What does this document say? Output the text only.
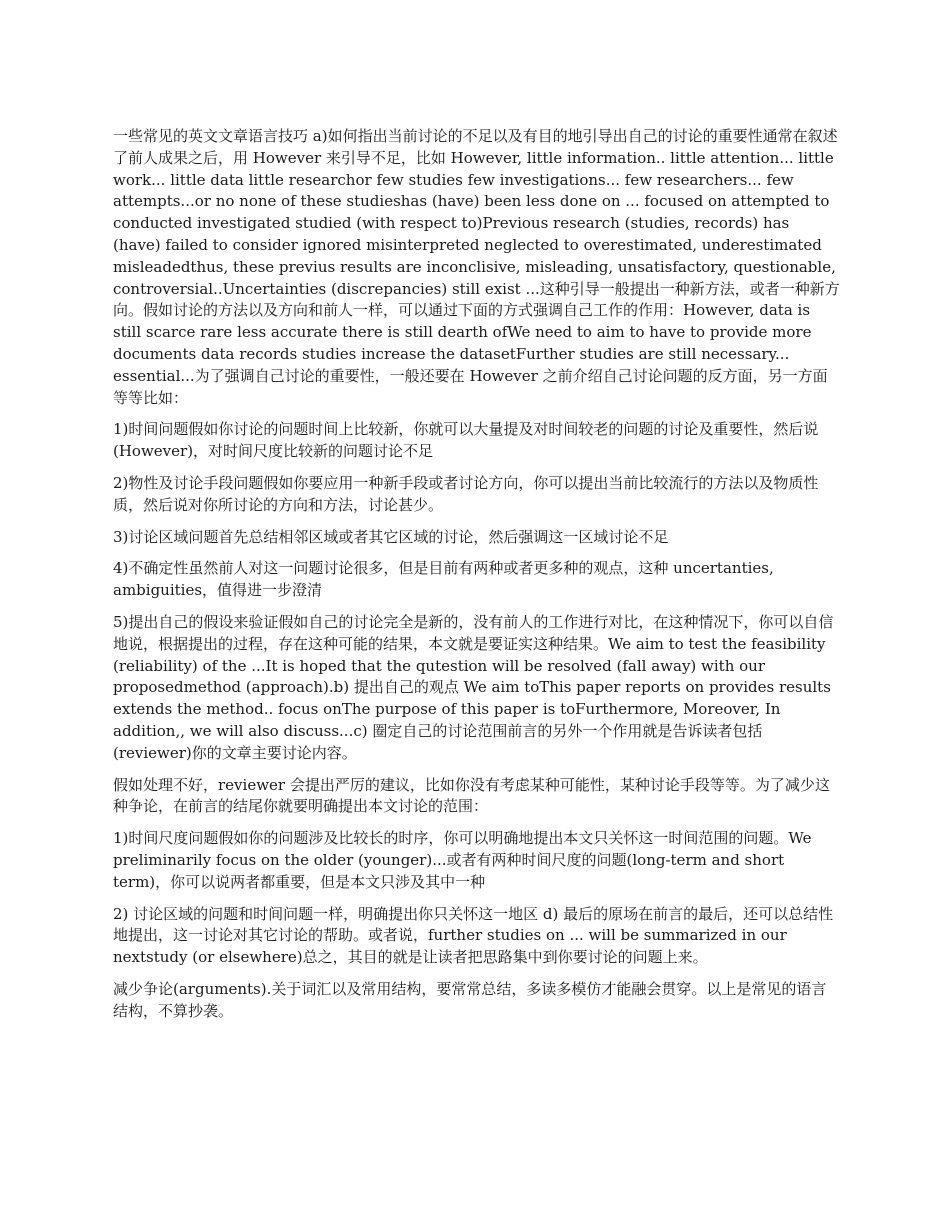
一些常见的英文文章语言技巧 a)如何指出当前讨论的不足以及有目的地引导出自己的讨论的重要性通常在叙述了前人成果之后，用 However 来引导不足，比如 However, little information.. little attention... little work... little data little researchor few studies few investigations... few researchers... few attempts...or no none of these studieshas (have) been less done on ... focused on attempted to conducted investigated studied (with respect to)Previous research (studies, records) has (have) failed to consider ignored misinterpreted neglected to overestimated, underestimated misleadedthus, these previus results are inconclisive, misleading, unsatisfactory, questionable, controversial..Uncertainties (discrepancies) still exist ...这种引导一般提出一种新方法，或者一种新方向。假如讨论的方法以及方向和前人一样，可以通过下面的方式强调自己工作的作用：However, data is still scarce rare less accurate there is still dearth ofWe need to aim to have to provide more documents data records studies increase the datasetFurther studies are still necessary... essential...为了强调自己讨论的重要性，一般还要在 However 之前介绍自己讨论问题的反方面，另一方面等等比如：

1)时间问题假如你讨论的问题时间上比较新，你就可以大量提及对时间较老的问题的讨论及重要性，然后说(However)，对时间尺度比较新的问题讨论不足

2)物性及讨论手段问题假如你要应用一种新手段或者讨论方向，你可以提出当前比较流行的方法以及物质性质，然后说对你所讨论的方向和方法，讨论甚少。

3)讨论区域问题首先总结相邻区域或者其它区域的讨论，然后强调这一区域讨论不足

4)不确定性虽然前人对这一问题讨论很多，但是目前有两种或者更多种的观点，这种 uncertanties, ambiguities，值得进一步澄清

5)提出自己的假设来验证假如自己的讨论完全是新的，没有前人的工作进行对比，在这种情况下，你可以自信地说，根据提出的过程，存在这种可能的结果，本文就是要证实这种结果。We aim to test the feasibility (reliability) of the ...It is hoped that the qutestion will be resolved (fall away) with our proposedmethod (approach).b) 提出自己的观点 We aim toThis paper reports on provides results extends the method.. focus onThe purpose of this paper is toFurthermore, Moreover, In addition,, we will also discuss...c) 圈定自己的讨论范围前言的另外一个作用就是告诉读者包括(reviewer)你的文章主要讨论内容。

假如处理不好，reviewer 会提出严厉的建议，比如你没有考虑某种可能性，某种讨论手段等等。为了减少这种争论，在前言的结尾你就要明确提出本文讨论的范围：

1)时间尺度问题假如你的问题涉及比较长的时序，你可以明确地提出本文只关怀这一时间范围的问题。We preliminarily focus on the older (younger)...或者有两种时间尺度的问题(long-term and short term)，你可以说两者都重要，但是本文只涉及其中一种

2) 讨论区域的问题和时间问题一样，明确提出你只关怀这一地区 d) 最后的原场在前言的最后，还可以总结性地提出，这一讨论对其它讨论的帮助。或者说，further studies on ... will be summarized in our nextstudy (or elsewhere)总之，其目的就是让读者把思路集中到你要讨论的问题上来。

减少争论(arguments).关于词汇以及常用结构，要常常总结，多读多模仿才能融会贯穿。以上是常见的语言结构，不算抄袭。
